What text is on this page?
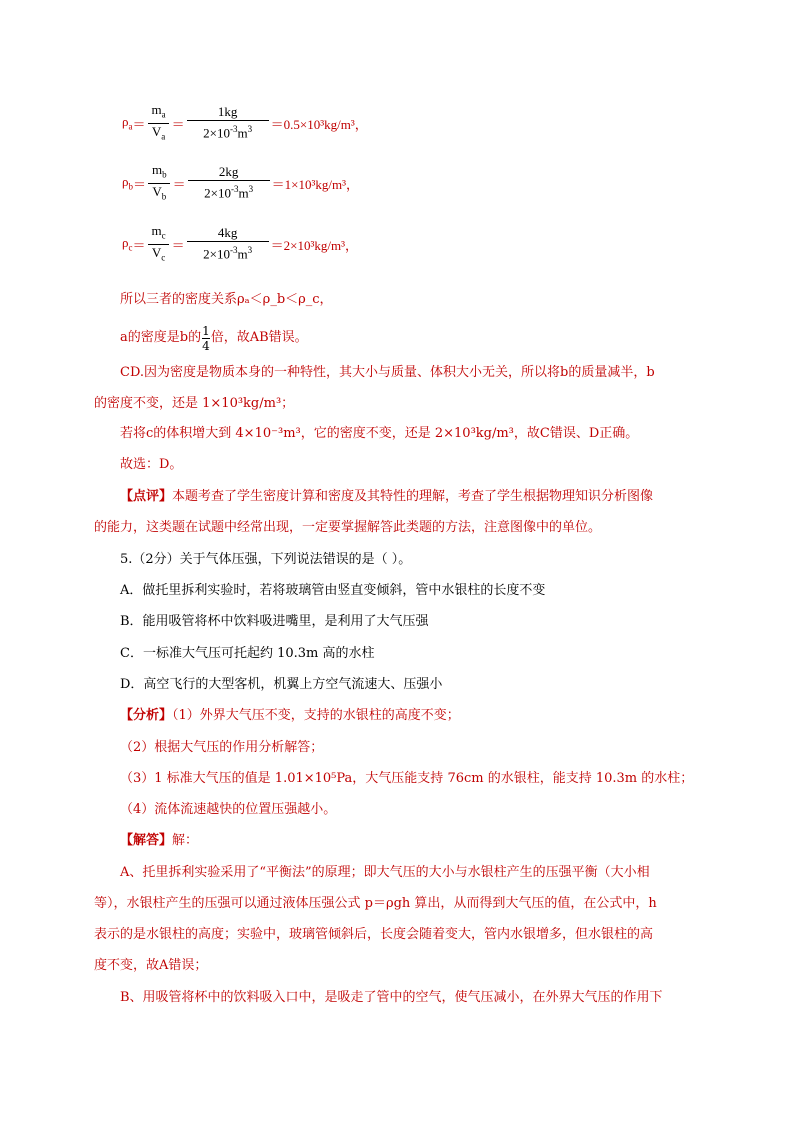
$\rho_a = \frac{m_a}{V_a} = \frac{1kg}{2\times 10^{-3}m^3} =0.5\times 10^3kg/m^3$，
$\rho_b = \frac{m_b}{V_b} = \frac{2kg}{2\times 10^{-3}m^3} =1\times 10^3kg/m^3$，
$\rho_c = \frac{m_c}{V_c} = \frac{4kg}{2\times 10^{-3}m^3} =2\times 10^3kg/m^3$，
所以三者的密度关系ρₐ＜ρ_b＜ρ_c，
a的密度是b的 $\frac{1}{4}$ 倍，故AB错误。
CD.因为密度是物质本身的一种特性，其大小与质量、体积大小无关，所以将b的质量减半，b
的密度不变，还是 1×10³kg/m³；
若将c的体积增大到 4×10⁻³m³，它的密度不变，还是 2×10³kg/m³，故C错误、D正确。
故选：D。
【点评】本题考查了学生密度计算和密度及其特性的理解，考查了学生根据物理知识分析图像
的能力，这类题在试题中经常出现，一定要掌握解答此类题的方法，注意图像中的单位。
5.（2分）关于气体压强，下列说法错误的是（ ）。
A．做托里拆利实验时，若将玻璃管由竖直变倾斜，管中水银柱的长度不变
B．能用吸管将杯中饮料吸进嘴里，是利用了大气压强
C．一标准大气压可托起约 10.3m 高的水柱
D．高空飞行的大型客机，机翼上方空气流速大、压强小
【分析】（1）外界大气压不变，支持的水银柱的高度不变；
（2）根据大气压的作用分析解答；
（3）1 标准大气压的值是 1.01×10⁵Pa，大气压能支持 76cm 的水银柱，能支持 10.3m 的水柱；
（4）流体流速越快的位置压强越小。
【解答】解：
A、托里拆利实验采用了“平衡法”的原理；即大气压的大小与水银柱产生的压强平衡（大小相
等），水银柱产生的压强可以通过液体压强公式 p＝ρgh 算出，从而得到大气压的值，在公式中，h
表示的是水银柱的高度；实验中，玻璃管倾斜后，长度会随着变大，管内水银增多，但水银柱的高
度不变，故A错误；
B、用吸管将杯中的饮料吸入口中，是吸走了管中的空气，使气压减小，在外界大气压的作用下
